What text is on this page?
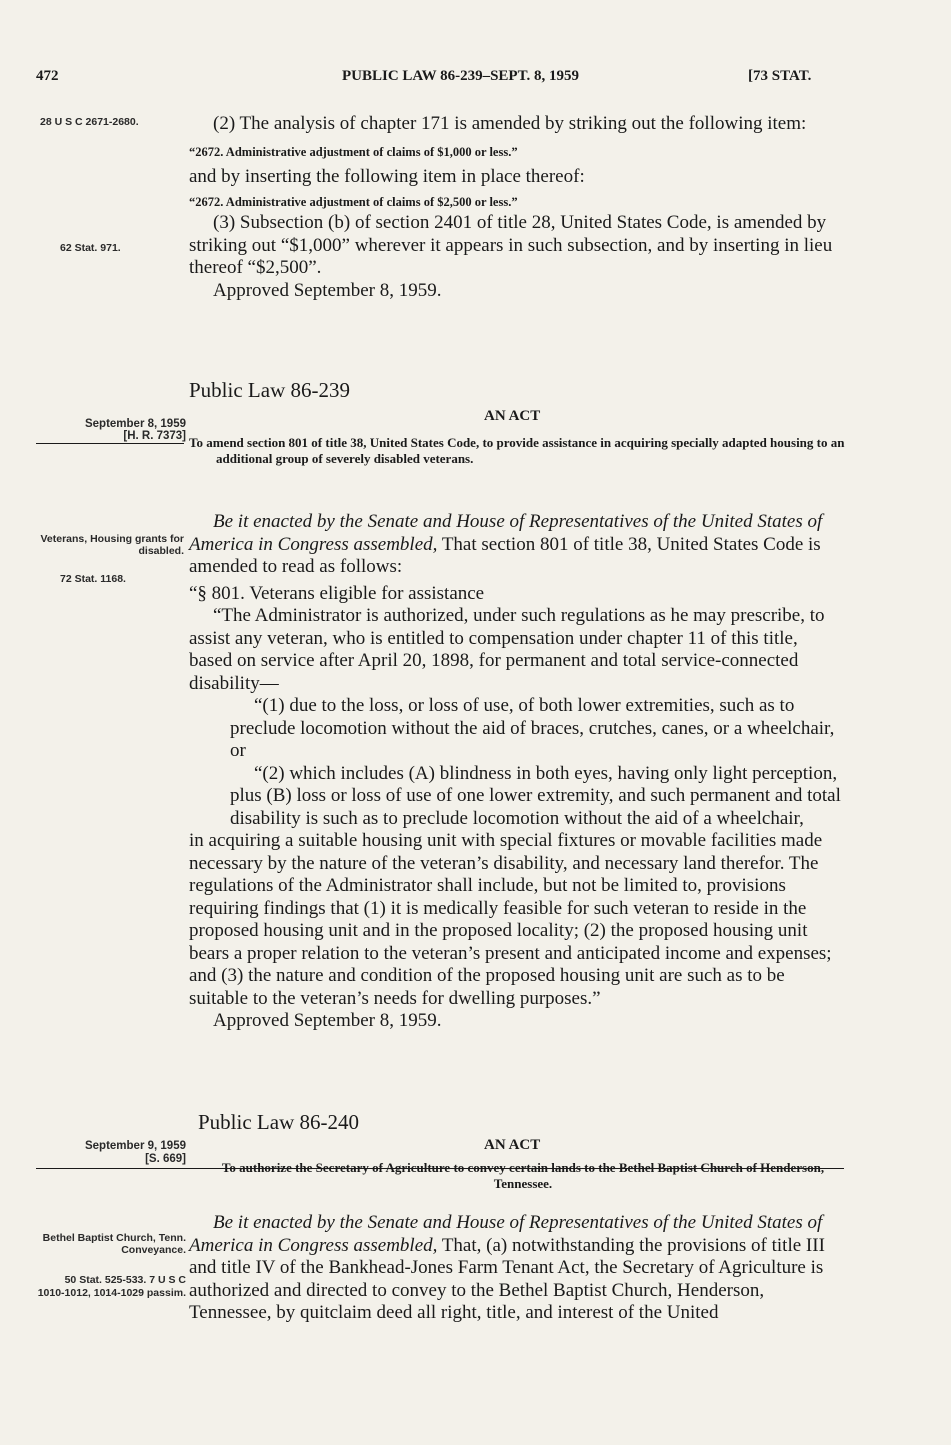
472	PUBLIC LAW 86-239–SEPT. 8, 1959	[73 STAT.
28 U S C 2671-2680.
62 Stat. 971.

(2) The analysis of chapter 171 is amended by striking out the following item:

“2672. Administrative adjustment of claims of $1,000 or less.”

and by inserting the following item in place thereof:

“2672. Administrative adjustment of claims of $2,500 or less.”

(3) Subsection (b) of section 2401 of title 28, United States Code, is amended by striking out “$1,000” wherever it appears in such subsection, and by inserting in lieu thereof “$2,500”.

Approved September 8, 1959.

Public Law 86-239
AN ACT
September 8, 1959
[H. R. 7373] To amend section 801 of title 38, United States Code, to provide assistance in acquiring specially adapted housing to an additional group of severely disabled veterans.
Veterans, Housing grants for disabled.
72 Stat. 1168.

Be it enacted by the Senate and House of Representatives of the United States of America in Congress assembled, That section 801 of title 38, United States Code is amended to read as follows:

“§ 801. Veterans eligible for assistance

“The Administrator is authorized, under such regulations as he may prescribe, to assist any veteran, who is entitled to compensation under chapter 11 of this title, based on service after April 20, 1898, for permanent and total service-connected disability—

“(1) due to the loss, or loss of use, of both lower extremities, such as to preclude locomotion without the aid of braces, crutches, canes, or a wheelchair, or

“(2) which includes (A) blindness in both eyes, having only light perception, plus (B) loss or loss of use of one lower extremity, and such permanent and total disability is such as to preclude locomotion without the aid of a wheelchair,

in acquiring a suitable housing unit with special fixtures or movable facilities made necessary by the nature of the veteran’s disability, and necessary land therefor. The regulations of the Administrator shall include, but not be limited to, provisions requiring findings that (1) it is medically feasible for such veteran to reside in the proposed housing unit and in the proposed locality; (2) the proposed housing unit bears a proper relation to the veteran’s present and anticipated income and expenses; and (3) the nature and condition of the proposed housing unit are such as to be suitable to the veteran’s needs for dwelling purposes.”

Approved September 8, 1959.

Public Law 86-240
AN ACT
September 9, 1959
[S. 669]
To authorize the Secretary of Agriculture to convey certain lands to the Bethel Baptist Church of Henderson, Tennessee.
Bethel Baptist Church, Tenn. Conveyance.
50 Stat. 525-533. 7 U S C 1010-1012, 1014-1029 passim.

Be it enacted by the Senate and House of Representatives of the United States of America in Congress assembled, That, (a) notwithstanding the provisions of title III and title IV of the Bankhead-Jones Farm Tenant Act, the Secretary of Agriculture is authorized and directed to convey to the Bethel Baptist Church, Henderson, Tennessee, by quitclaim deed all right, title, and interest of the United
